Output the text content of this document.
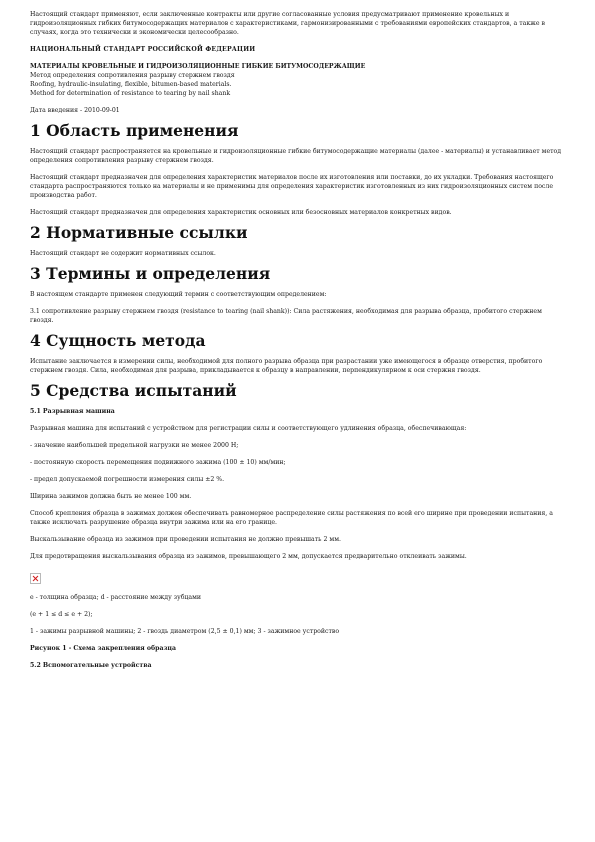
Настоящий стандарт применяют, если заключенные контракты или другие согласованные условия предусматривают применение кровельных и гидроизоляционных гибких битумосодержащих материалов с характеристиками, гармонизированными с требованиями европейских стандартов, а также в случаях, когда это технически и экономически целесообразно.

НАЦИОНАЛЬНЫЙ СТАНДАРТ РОССИЙСКОЙ ФЕДЕРАЦИИ

МАТЕРИАЛЫ КРОВЕЛЬНЫЕ И ГИДРОИЗОЛЯЦИОННЫЕ ГИБКИЕ БИТУМОСОДЕРЖАЩИЕ

Метод определения сопротивления разрыву стержнем гвоздя

Roofing, hydraulic-insulating, flexible, bitumen-based materials.

Method for determination of resistance to tearing by nail shank

Дата введения - 2010-09-01

1 Область применения

Настоящий стандарт распространяется на кровельные и гидроизоляционные гибкие битумосодержащие материалы (далее - материалы) и устанавливает метод определения сопротивления разрыву стержнем гвоздя.

Настоящий стандарт предназначен для определения характеристик материалов после их изготовления или поставки, до их укладки. Требования настоящего стандарта распространяются только на материалы и не применимы для определения характеристик изготовленных из них гидроизоляционных систем после производства работ.

Настоящий стандарт предназначен для определения характеристик основных или безосновных материалов конкретных видов.

2 Нормативные ссылки

Настоящий стандарт не содержит нормативных ссылок.

3 Термины и определения

В настоящем стандарте применен следующий термин с соответствующим определением:

3.1 сопротивление разрыву стержнем гвоздя (resistance to tearing (nail shank)): Сила растяжения, необходимая для разрыва образца, пробитого стержнем гвоздя.

4 Сущность метода

Испытание заключается в измерении силы, необходимой для полного разрыва образца при разрастании уже имеющегося в образце отверстия, пробитого стержнем гвоздя. Сила, необходимая для разрыва, прикладывается к образцу в направлении, перпендикулярном к оси стержня гвоздя.

5 Средства испытаний

5.1 Разрывная машина

Разрывная машина для испытаний с устройством для регистрации силы и соответствующего удлинения образца, обеспечивающая:

- значение наибольшей предельной нагрузки не менее 2000 Н;

- постоянную скорость перемещения подвижного зажима (100 ± 10) мм/мин;

- предел допускаемой погрешности измерения силы ±2 %.

Ширина зажимов должна быть не менее 100 мм.

Способ крепления образца в зажимах должен обеспечивать равномерное распределение силы растяжения по всей его ширине при проведении испытания, а также исключать разрушение образца внутри зажима или на его границе.

Выскальзывание образца из зажимов при проведении испытания не должно превышать 2 мм.

Для предотвращения выскальзывания образца из зажимов, превышающего 2 мм, допускается предварительно отклеивать зажимы.

e - толщина образца; d - расстояние между зубцами

(e + 1 ≤ d ≤ e + 2);

1 - зажимы разрывной машины; 2 - гвоздь диаметром (2,5 ± 0,1) мм; 3 - зажимное устройство

Рисунок 1 - Схема закрепления образца

5.2 Вспомогательные устройства
